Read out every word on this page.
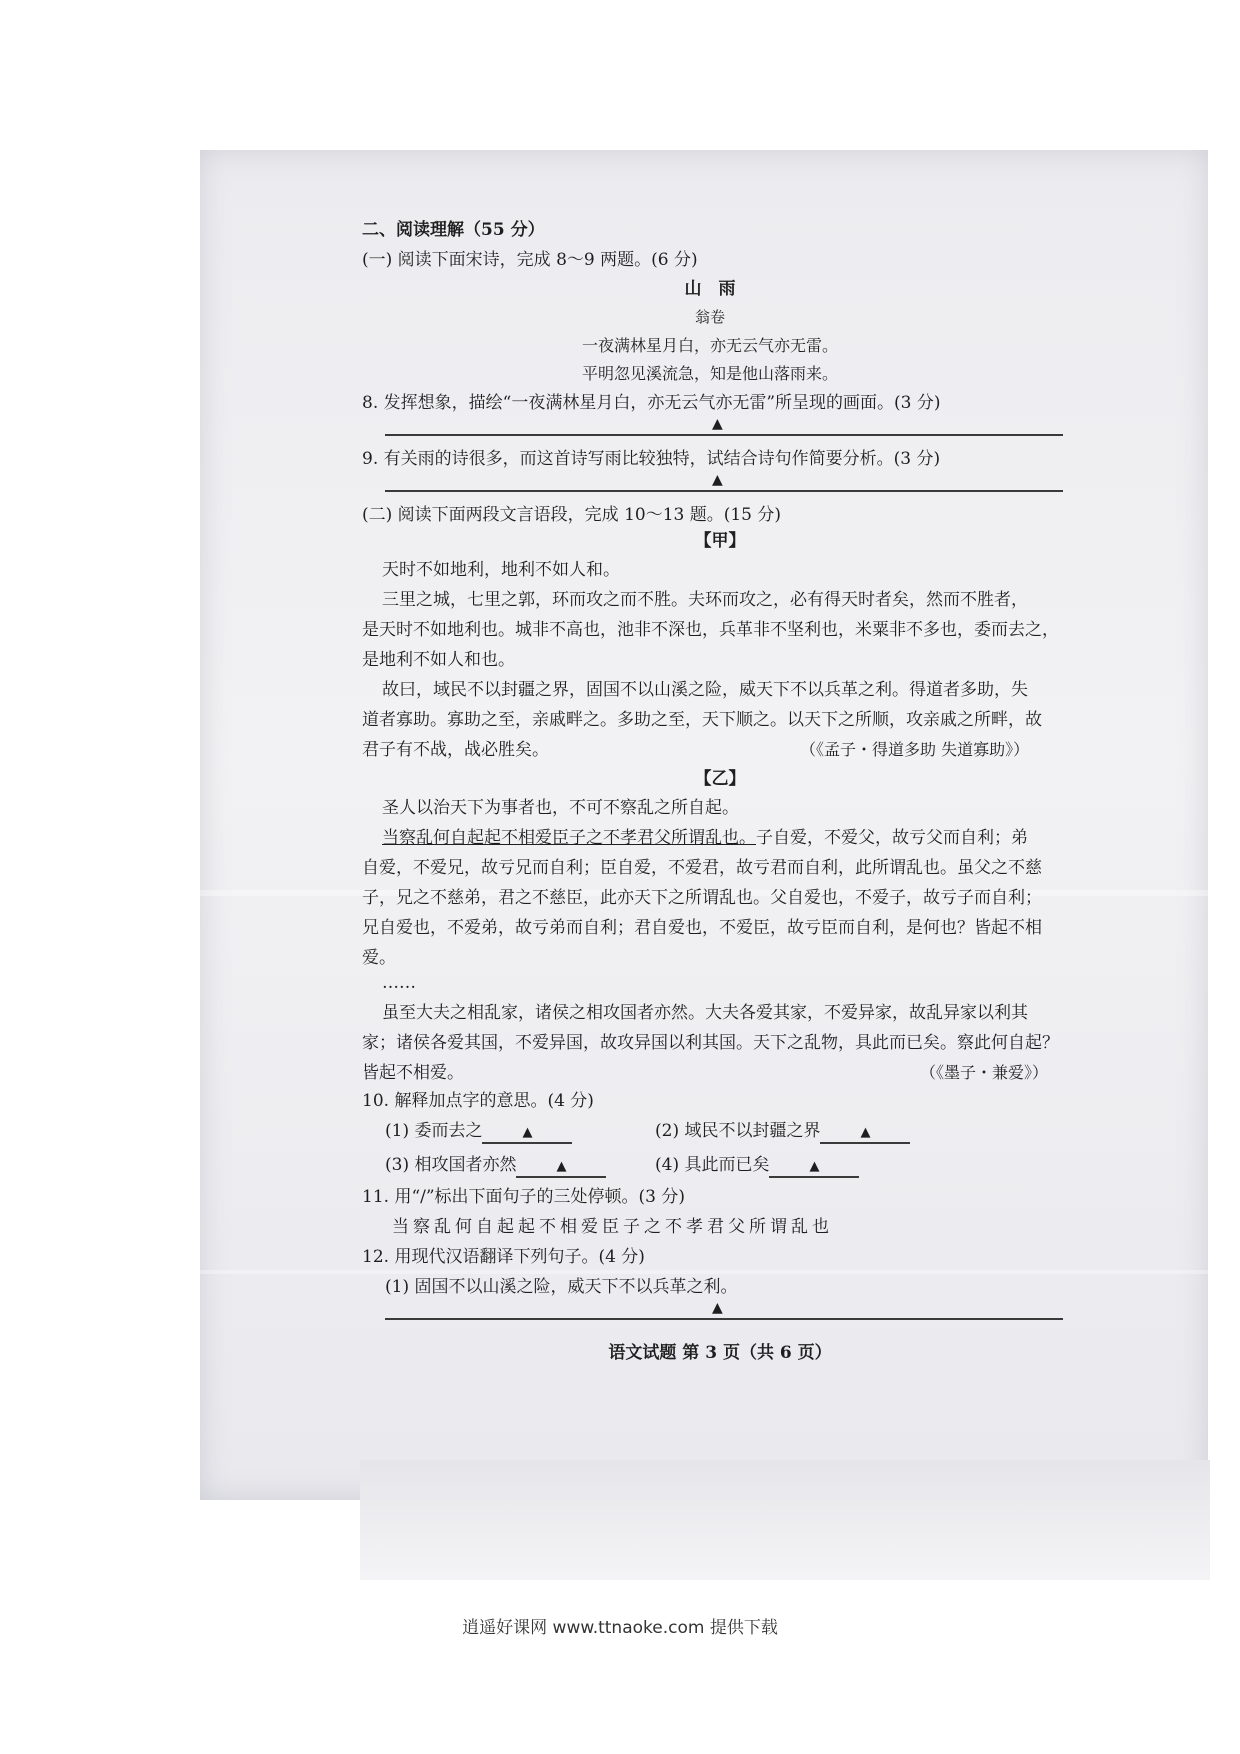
二、阅读理解（55 分）
(一) 阅读下面宋诗，完成 8～9 两题。(6 分)
山　雨
翁卷
一夜满林星月白，亦无云气亦无雷。
平明忽见溪流急，知是他山落雨来。
8. 发挥想象，描绘“一夜满林星月白，亦无云气亦无雷”所呈现的画面。(3 分)
▲
9. 有关雨的诗很多，而这首诗写雨比较独特，试结合诗句作简要分析。(3 分)
▲
(二) 阅读下面两段文言语段，完成 10～13 题。(15 分)
【甲】
天时不如地利，地利不如人和。
三里之城，七里之郭，环而攻之而不胜。夫环而攻之，必有得天时者矣，然而不胜者，
是天时不如地利也。城非不高也，池非不深也，兵革非不坚利也，米粟非不多也，委而去之，
是地利不如人和也。
故曰，域民不以封疆之界，固国不以山溪之险，威天下不以兵革之利。得道者多助，失
道者寡助。寡助之至，亲戚畔之。多助之至，天下顺之。以天下之所顺，攻亲戚之所畔，故
君子有不战，战必胜矣。	（《孟子・得道多助 失道寡助》）
【乙】
圣人以治天下为事者也，不可不察乱之所自起。
当察乱何自起起不相爱臣子之不孝君父所谓乱也。子自爱，不爱父，故亏父而自利；弟
自爱，不爱兄，故亏兄而自利；臣自爱，不爱君，故亏君而自利，此所谓乱也。虽父之不慈
子，兄之不慈弟，君之不慈臣，此亦天下之所谓乱也。父自爱也，不爱子，故亏子而自利；
兄自爱也，不爱弟，故亏弟而自利；君自爱也，不爱臣，故亏臣而自利，是何也？皆起不相
爱。
……
虽至大夫之相乱家，诸侯之相攻国者亦然。大夫各爱其家，不爱异家，故乱异家以利其
家；诸侯各爱其国，不爱异国，故攻异国以利其国。天下之乱物，具此而已矣。察此何自起？
皆起不相爱。	（《墨子・兼爱》）
10. 解释加点字的意思。(4 分)
(1) 委而去之	▲	(2) 域民不以封疆之界	▲
(3) 相攻国者亦然	▲	(4) 具此而已矣	▲
11. 用“/”标出下面句子的三处停顿。(3 分)
当察乱何自起起不相爱臣子之不孝君父所谓乱也
12. 用现代汉语翻译下列句子。(4 分)
(1) 固国不以山溪之险，威天下不以兵革之利。
▲
语文试题 第 3 页（共 6 页）
逍遥好课网 www.ttnaoke.com 提供下载
